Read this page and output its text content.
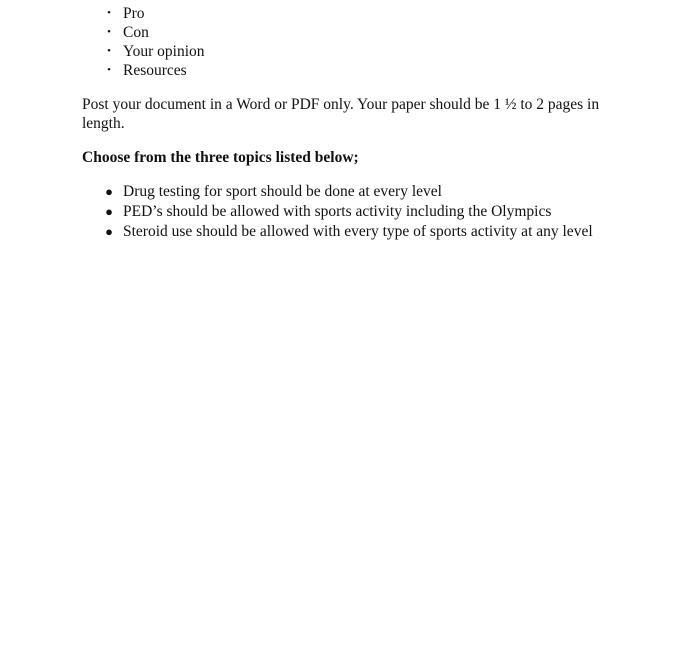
• Pro
• Con
• Your opinion
• Resources

Post your document in a Word or PDF only. Your paper should be 1 ½ to 2 pages in length.

Choose from the three topics listed below;

● Drug testing for sport should be done at every level
● PED’s should be allowed with sports activity including the Olympics
● Steroid use should be allowed with every type of sports activity at any level
